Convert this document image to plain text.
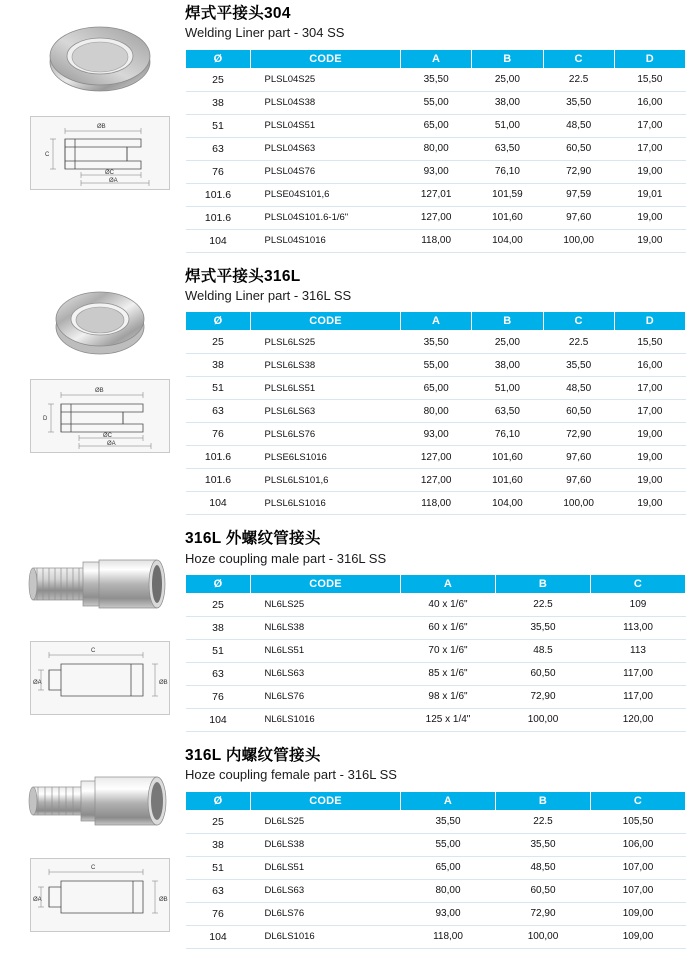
ØB
C
ØC
ØA
焊式平接头304
Welding Liner part - 304 SS
Ø	CODE	A	B	C	D
25	PLSL04S25	35,50	25,00	22.5	15,50
38	PLSL04S38	55,00	38,00	35,50	16,00
51	PLSL04S51	65,00	51,00	48,50	17,00
63	PLSL04S63	80,00	63,50	60,50	17,00
76	PLSL04S76	93,00	76,10	72,90	19,00
101.6	PLSE04S101,6	127,01	101,59	97,59	19,01
101.6	PLSL04S101.6-1/6"	127,00	101,60	97,60	19,00
104	PLSL04S1016	118,00	104,00	100,00	19,00
ØB
D
ØC
ØA
焊式平接头316L
Welding Liner part - 316L SS
Ø	CODE	A	B	C	D
25	PLSL6LS25	35,50	25,00	22.5	15,50
38	PLSL6LS38	55,00	38,00	35,50	16,00
51	PLSL6LS51	65,00	51,00	48,50	17,00
63	PLSL6LS63	80,00	63,50	60,50	17,00
76	PLSL6LS76	93,00	76,10	72,90	19,00
101.6	PLSE6LS1016	127,00	101,60	97,60	19,00
101.6	PLSL6LS101,6	127,00	101,60	97,60	19,00
104	PLSL6LS1016	118,00	104,00	100,00	19,00
C
ØA	ØB
316L 外螺纹管接头
Hoze coupling male part - 316L SS
Ø	CODE	A	B	C
25	NL6LS25	40 x 1/6"	22.5	109
38	NL6LS38	60 x 1/6"	35,50	113,00
51	NL6LS51	70 x 1/6"	48.5	113
63	NL6LS63	85 x 1/6"	60,50	117,00
76	NL6LS76	98 x 1/6"	72,90	117,00
104	NL6LS1016	125 x 1/4"	100,00	120,00
C
ØA	ØB
316L 内螺纹管接头
Hoze coupling female part - 316L SS
Ø	CODE	A	B	C
25	DL6LS25	35,50	22.5	105,50
38	DL6LS38	55,00	35,50	106,00
51	DL6LS51	65,00	48,50	107,00
63	DL6LS63	80,00	60,50	107,00
76	DL6LS76	93,00	72,90	109,00
104	DL6LS1016	118,00	100,00	109,00
